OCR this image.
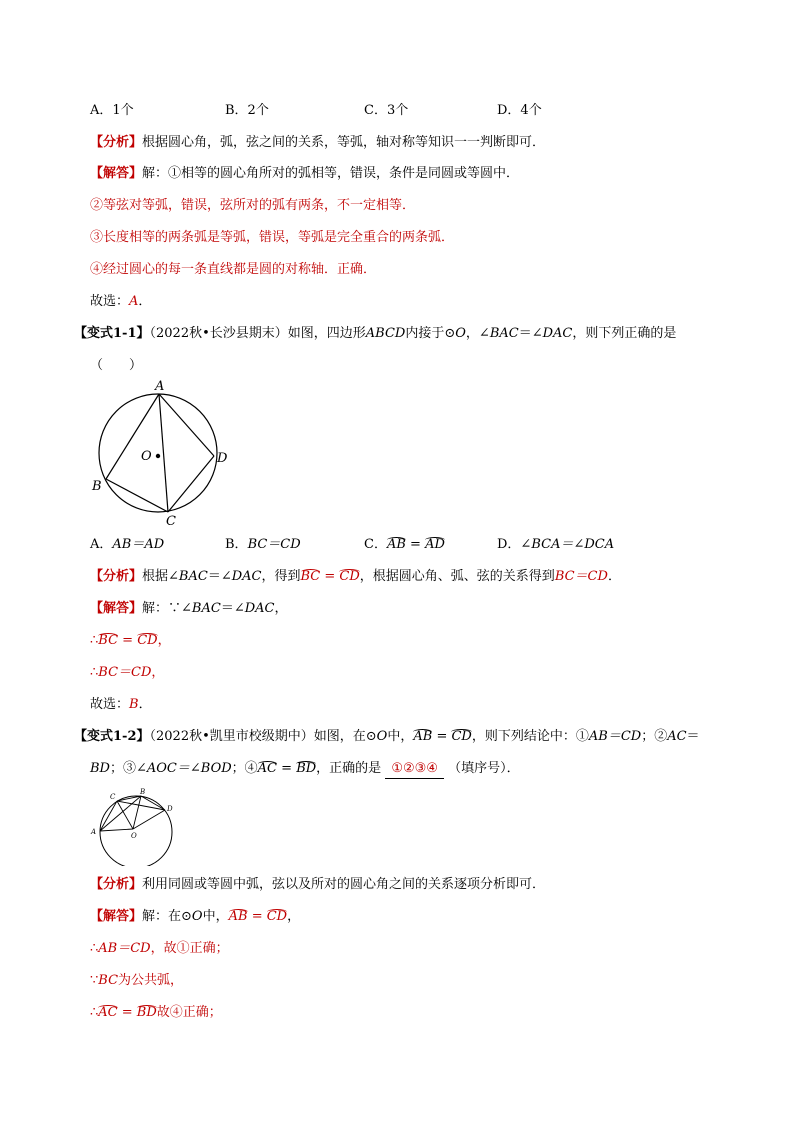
A．1个	B．2个	C．3个	D．4个
【分析】根据圆心角，弧，弦之间的关系，等弧，轴对称等知识一一判断即可．
【解答】解：①相等的圆心角所对的弧相等，错误，条件是同圆或等圆中．
②等弦对等弧，错误，弦所对的弧有两条，不一定相等．
③长度相等的两条弧是等弧，错误，等弧是完全重合的两条弧．
④经过圆心的每一条直线都是圆的对称轴．正确．
故选：A．
【变式1-1】（2022秋•长沙县期末）如图，四边形ABCD内接于⊙O，∠BAC＝∠DAC，则下列正确的是
（　　）
A
B
C
D
O
A．AB＝AD	B．BC＝CD	C．AB = AD	D．∠BCA＝∠DCA
【分析】根据∠BAC＝∠DAC，得到BC = CD，根据圆心角、弧、弦的关系得到BC＝CD．
【解答】解：∵∠BAC＝∠DAC，
∴BC = CD，
∴BC＝CD，
故选：B．
【变式1-2】（2022秋•凯里市校级期中）如图，在⊙O中，AB = CD，则下列结论中：①AB＝CD；②AC＝
BD；③∠AOC＝∠BOD；④AC = BD，正确的是 ①②③④ （填序号）．
A
C
B
D
O
【分析】利用同圆或等圆中弧，弦以及所对的圆心角之间的关系逐项分析即可．
【解答】解：在⊙O中，AB = CD，
∴AB＝CD，故①正确；
∵BC为公共弧，
∴AC = BD故④正确；
